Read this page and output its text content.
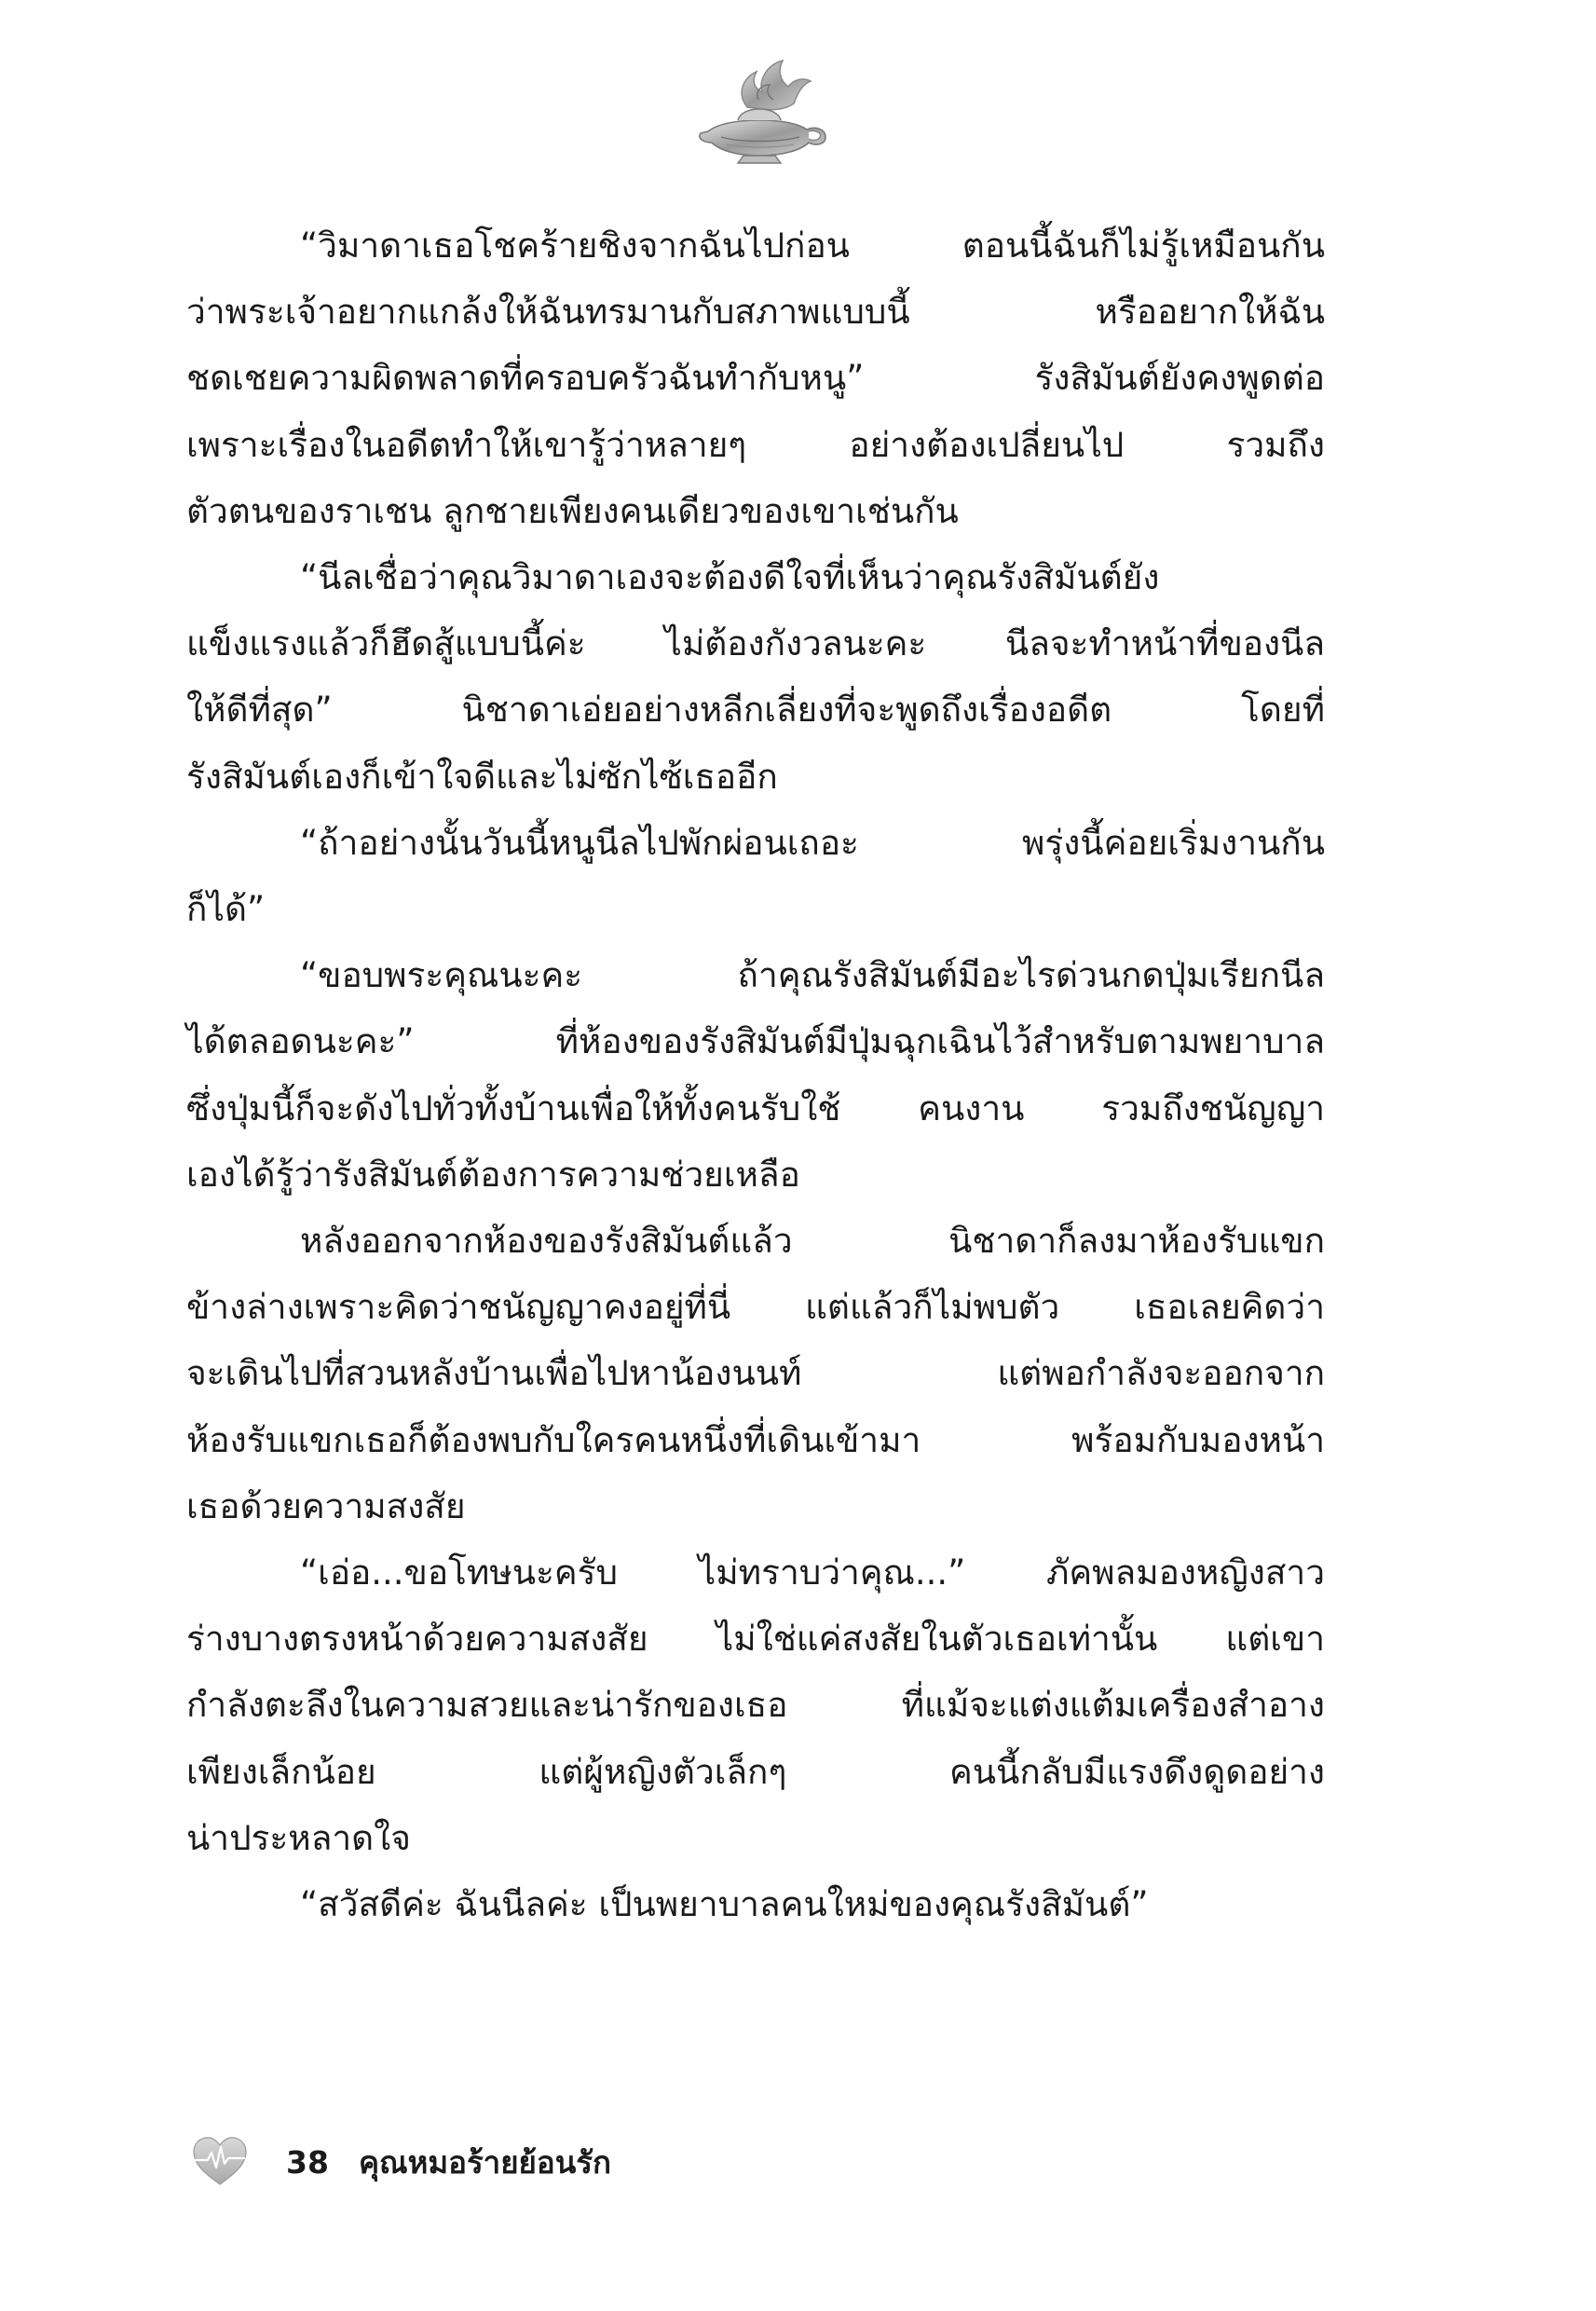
“วิมาดาเธอโชคร้ายชิงจากฉันไปก่อน ตอนนี้ฉันก็ไม่รู้เหมือนกัน
ว่าพระเจ้าอยากแกล้งให้ฉันทรมานกับสภาพแบบนี้ หรืออยากให้ฉัน
ชดเชยความผิดพลาดที่ครอบครัวฉันทำกับหนู” รังสิมันต์ยังคงพูดต่อ
เพราะเรื่องในอดีตทำให้เขารู้ว่าหลายๆ อย่างต้องเปลี่ยนไป รวมถึง
ตัวตนของราเชน ลูกชายเพียงคนเดียวของเขาเช่นกัน
“นีลเชื่อว่าคุณวิมาดาเองจะต้องดีใจที่เห็นว่าคุณรังสิมันต์ยัง
แข็งแรงแล้วก็ฮึดสู้แบบนี้ค่ะ ไม่ต้องกังวลนะคะ นีลจะทำหน้าที่ของนีล
ให้ดีที่สุด” นิชาดาเอ่ยอย่างหลีกเลี่ยงที่จะพูดถึงเรื่องอดีต โดยที่
รังสิมันต์เองก็เข้าใจดีและไม่ซักไซ้เธออีก
“ถ้าอย่างนั้นวันนี้หนูนีลไปพักผ่อนเถอะ พรุ่งนี้ค่อยเริ่มงานกัน
ก็ได้”
“ขอบพระคุณนะคะ ถ้าคุณรังสิมันต์มีอะไรด่วนกดปุ่มเรียกนีล
ได้ตลอดนะคะ” ที่ห้องของรังสิมันต์มีปุ่มฉุกเฉินไว้สำหรับตามพยาบาล
ซึ่งปุ่มนี้ก็จะดังไปทั่วทั้งบ้านเพื่อให้ทั้งคนรับใช้ คนงาน รวมถึงชนัญญา
เองได้รู้ว่ารังสิมันต์ต้องการความช่วยเหลือ
หลังออกจากห้องของรังสิมันต์แล้ว นิชาดาก็ลงมาห้องรับแขก
ข้างล่างเพราะคิดว่าชนัญญาคงอยู่ที่นี่ แต่แล้วก็ไม่พบตัว เธอเลยคิดว่า
จะเดินไปที่สวนหลังบ้านเพื่อไปหาน้องนนท์ แต่พอกำลังจะออกจาก
ห้องรับแขกเธอก็ต้องพบกับใครคนหนึ่งที่เดินเข้ามา พร้อมกับมองหน้า
เธอด้วยความสงสัย
“เอ่อ...ขอโทษนะครับ ไม่ทราบว่าคุณ...” ภัคพลมองหญิงสาว
ร่างบางตรงหน้าด้วยความสงสัย ไม่ใช่แค่สงสัยในตัวเธอเท่านั้น แต่เขา
กำลังตะลึงในความสวยและน่ารักของเธอ ที่แม้จะแต่งแต้มเครื่องสำอาง
เพียงเล็กน้อย แต่ผู้หญิงตัวเล็กๆ คนนี้กลับมีแรงดึงดูดอย่าง
น่าประหลาดใจ
“สวัสดีค่ะ ฉันนีลค่ะ เป็นพยาบาลคนใหม่ของคุณรังสิมันต์”
38 คุณหมอร้ายย้อนรัก
